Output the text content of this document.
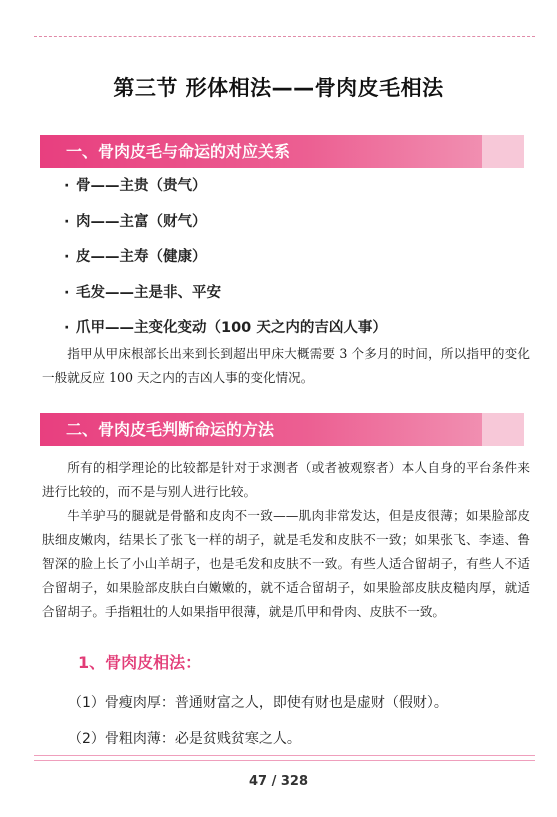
第三节 形体相法——骨肉皮毛相法
一、骨肉皮毛与命运的对应关系
· 骨——主贵（贵气）
· 肉——主富（财气）
· 皮——主寿（健康）
· 毛发——主是非、平安
· 爪甲——主变化变动（100 天之内的吉凶人事）

指甲从甲床根部长出来到长到超出甲床大概需要 3 个多月的时间，所以指甲的变化一般就反应 100 天之内的吉凶人事的变化情况。

二、骨肉皮毛判断命运的方法

所有的相学理论的比较都是针对于求测者（或者被观察者）本人自身的平台条件来进行比较的，而不是与别人进行比较。

牛羊驴马的腿就是骨骼和皮肉不一致——肌肉非常发达，但是皮很薄；如果脸部皮肤细皮嫩肉，结果长了张飞一样的胡子，就是毛发和皮肤不一致；如果张飞、李逵、鲁智深的脸上长了小山羊胡子，也是毛发和皮肤不一致。有些人适合留胡子，有些人不适合留胡子，如果脸部皮肤白白嫩嫩的，就不适合留胡子，如果脸部皮肤皮糙肉厚，就适合留胡子。手指粗壮的人如果指甲很薄，就是爪甲和骨肉、皮肤不一致。

1、骨肉皮相法：
（1）骨瘦肉厚：普通财富之人，即使有财也是虚财（假财）。
（2）骨粗肉薄：必是贫贱贫寒之人。
47 / 328
